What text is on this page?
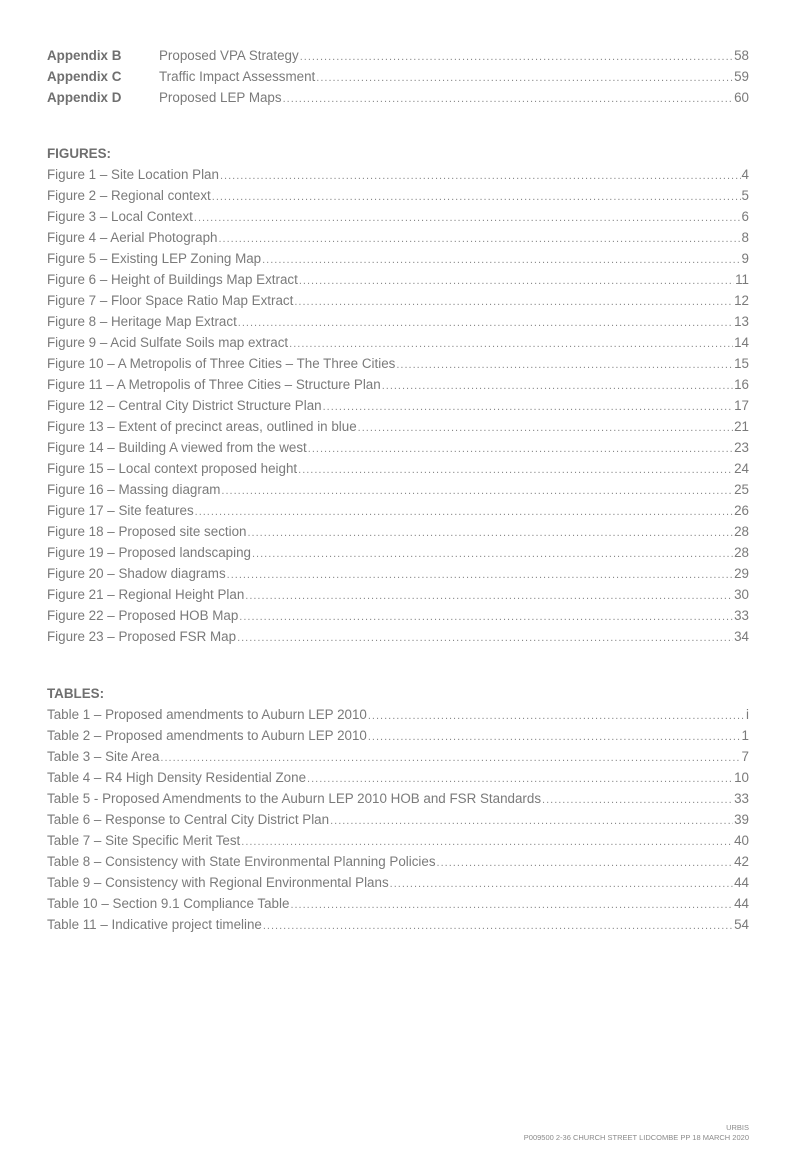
Appendix B	Proposed VPA Strategy .....	58
Appendix C	Traffic Impact Assessment .....	59
Appendix D	Proposed LEP Maps .....	60
FIGURES:
Figure 1 – Site Location Plan .....	4
Figure 2 – Regional context .....	5
Figure 3 – Local Context .....	6
Figure 4 – Aerial Photograph .....	8
Figure 5 – Existing LEP Zoning Map .....	9
Figure 6 – Height of Buildings Map Extract .....	11
Figure 7 – Floor Space Ratio Map Extract .....	12
Figure 8 – Heritage Map Extract .....	13
Figure 9 – Acid Sulfate Soils map extract .....	14
Figure 10 – A Metropolis of Three Cities – The Three Cities .....	15
Figure 11 – A Metropolis of Three Cities – Structure Plan .....	16
Figure 12 – Central City District Structure Plan .....	17
Figure 13 – Extent of precinct areas, outlined in blue .....	21
Figure 14 – Building A viewed from the west .....	23
Figure 15 – Local context proposed height .....	24
Figure 16 – Massing diagram .....	25
Figure 17 – Site features .....	26
Figure 18 – Proposed site section .....	28
Figure 19 – Proposed landscaping .....	28
Figure 20 – Shadow diagrams .....	29
Figure 21 – Regional Height Plan .....	30
Figure 22 – Proposed HOB Map .....	33
Figure 23 – Proposed FSR Map .....	34
TABLES:
Table 1 – Proposed amendments to Auburn LEP 2010 .....	i
Table 2 – Proposed amendments to Auburn LEP 2010 .....	1
Table 3 – Site Area .....	7
Table 4 – R4 High Density Residential Zone .....	10
Table 5 - Proposed Amendments to the Auburn LEP 2010 HOB and FSR Standards .....	33
Table 6 – Response to Central City District Plan .....	39
Table 7 – Site Specific Merit Test .....	40
Table 8 – Consistency with State Environmental Planning Policies .....	42
Table 9 – Consistency with Regional Environmental Plans .....	44
Table 10 – Section 9.1 Compliance Table .....	44
Table 11 – Indicative project timeline .....	54
URBIS
P009500 2-36 CHURCH STREET LIDCOMBE PP 18 MARCH 2020
